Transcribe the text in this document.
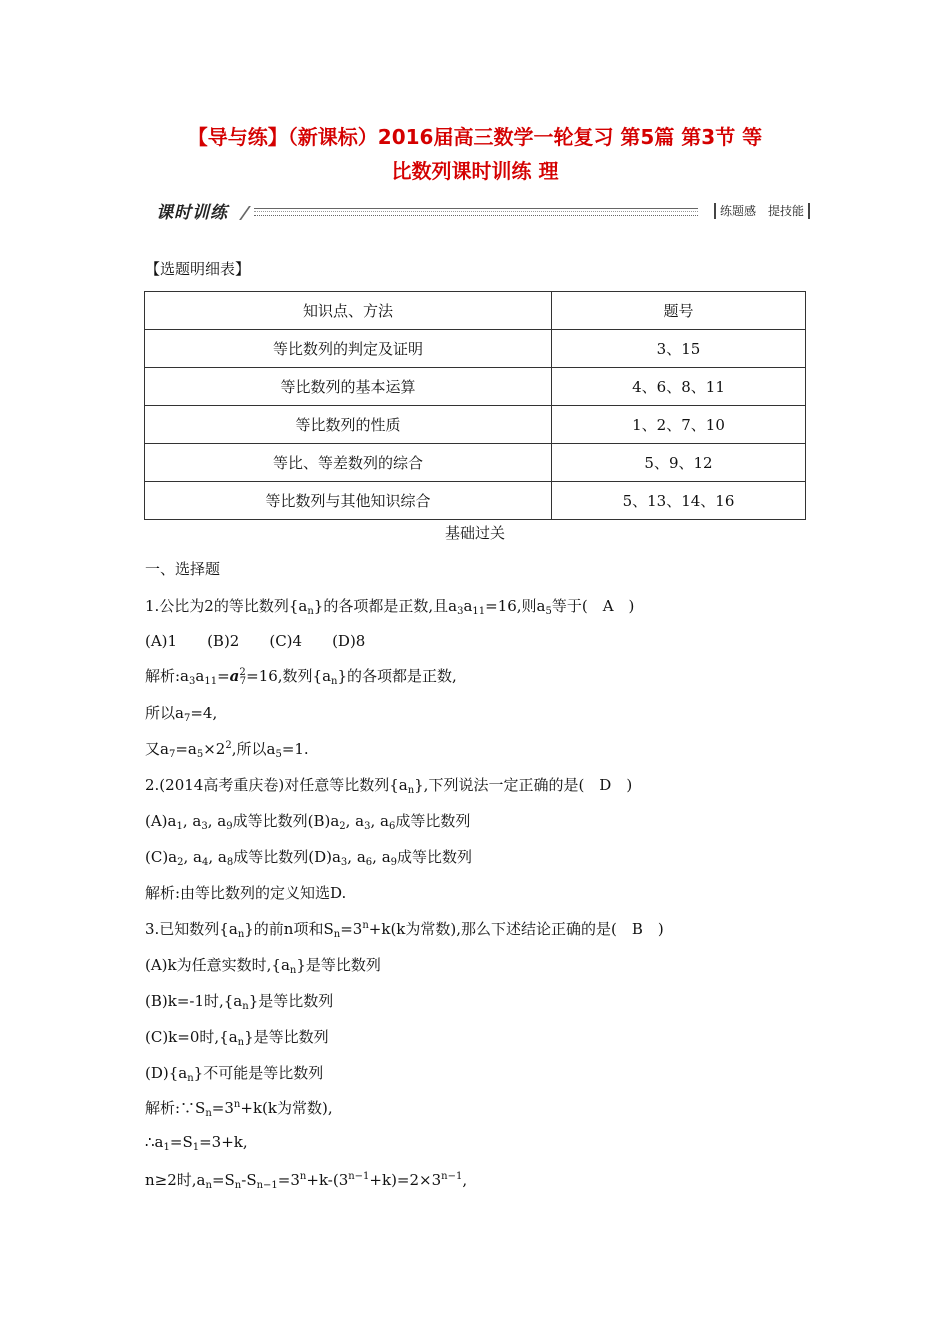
【导与练】（新课标）2016届高三数学一轮复习 第5篇 第3节 等
比数列课时训练 理
课时训练	练题感　提技能
【选题明细表】
知识点、方法	题号
等比数列的判定及证明	3、15
等比数列的基本运算	4、6、8、11
等比数列的性质	1、2、7、10
等比、等差数列的综合	5、9、12
等比数列与其他知识综合	5、13、14、16
基础过关
一、选择题
1.公比为2的等比数列$\{a_n\}$的各项都是正数,且$a_3a_{11}=16$,则$a_5$等于(　A　)
(A)1　　(B)2　　(C)4　　(D)8
解析$:a_3a_{11}=a^2_7=16$,数列$\{a_n\}$的各项都是正数,
所以$a_7=4$,
又$a_7=a_5\times 2^2$,所以$a_5=1$.
2.(2014高考重庆卷)对任意等比数列$\{a_n\}$,下列说法一定正确的是(　D　)
$(A)a_1$, $a_3$, $a_9$成等比数列$(B)a_2$, $a_3$, $a_6$成等比数列
$(C)a_2$, $a_4$, $a_8$成等比数列$(D)a_3$, $a_6$, $a_9$成等比数列
解析:由等比数列的定义知选D.
3.已知数列$\{a_n\}$的前n项和$S_n=3^n+k(k$为常数),那么下述结论正确的是(　B　)
(A)k为任意实数时$,\{a_n\}$是等比数列
(B)k=-1时$,\{a_n\}$是等比数列
(C)k=0时$,\{a_n\}$是等比数列
$(D)\{a_n\}$不可能是等比数列
解析$:\because S_n=3^n+k(k$为常数),
$\therefore a_1=S_1=3+k$,
n≥2时$,a_n=S_n-S_{n-1}=3^n+k-(3^{n-1}+k)=2\times 3^{n-1}$,
